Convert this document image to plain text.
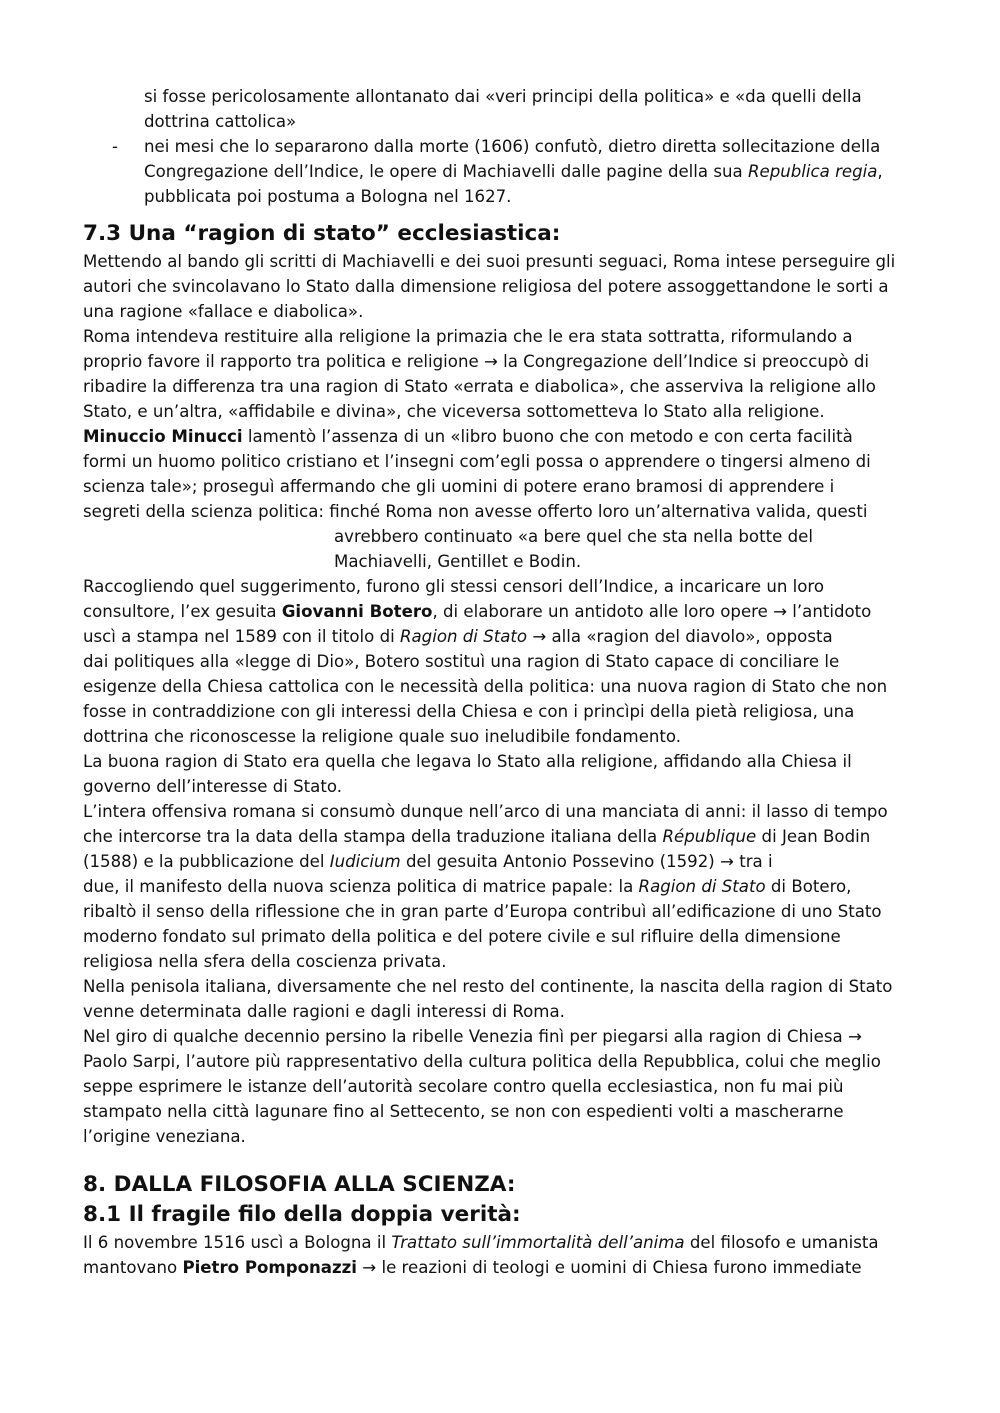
si fosse pericolosamente allontanato dai «veri principi della politica» e «da quelli della
dottrina cattolica»
- nei mesi che lo separarono dalla morte (1606) confutò, dietro diretta sollecitazione della
Congregazione dell’Indice, le opere di Machiavelli dalle pagine della sua Republica regia,
pubblicata poi postuma a Bologna nel 1627.
7.3 Una “ragion di stato” ecclesiastica:
Mettendo al bando gli scritti di Machiavelli e dei suoi presunti seguaci, Roma intese perseguire gli
autori che svincolavano lo Stato dalla dimensione religiosa del potere assoggettandone le sorti a
una ragione «fallace e diabolica».
Roma intendeva restituire alla religione la primazia che le era stata sottratta, riformulando a
proprio favore il rapporto tra politica e religione → la Congregazione dell’Indice si preoccupò di
ribadire la differenza tra una ragion di Stato «errata e diabolica», che asserviva la religione allo
Stato, e un’altra, «affidabile e divina», che viceversa sottometteva lo Stato alla religione.
Minuccio Minucci lamentò l’assenza di un «libro buono che con metodo e con certa facilità
formi un huomo politico cristiano et l’insegni com’egli possa o apprendere o tingersi almeno di
scienza tale»; proseguì affermando che gli uomini di potere erano bramosi di apprendere i
segreti della scienza politica: finché Roma non avesse offerto loro un’alternativa valida, questi
avrebbero continuato «a bere quel che sta nella botte del
Machiavelli, Gentillet e Bodin.
Raccogliendo quel suggerimento, furono gli stessi censori dell’Indice, a incaricare un loro
consultore, l’ex gesuita Giovanni Botero, di elaborare un antidoto alle loro opere → l’antidoto
uscì a stampa nel 1589 con il titolo di Ragion di Stato → alla «ragion del diavolo», opposta
dai politiques alla «legge di Dio», Botero sostituì una ragion di Stato capace di conciliare le
esigenze della Chiesa cattolica con le necessità della politica: una nuova ragion di Stato che non
fosse in contraddizione con gli interessi della Chiesa e con i princìpi della pietà religiosa, una
dottrina che riconoscesse la religione quale suo ineludibile fondamento.
La buona ragion di Stato era quella che legava lo Stato alla religione, affidando alla Chiesa il
governo dell’interesse di Stato.
L’intera offensiva romana si consumò dunque nell’arco di una manciata di anni: il lasso di tempo
che intercorse tra la data della stampa della traduzione italiana della République di Jean Bodin
(1588) e la pubblicazione del Iudicium del gesuita Antonio Possevino (1592) → tra i
due, il manifesto della nuova scienza politica di matrice papale: la Ragion di Stato di Botero,
ribaltò il senso della riflessione che in gran parte d’Europa contribuì all’edificazione di uno Stato
moderno fondato sul primato della politica e del potere civile e sul rifluire della dimensione
religiosa nella sfera della coscienza privata.
Nella penisola italiana, diversamente che nel resto del continente, la nascita della ragion di Stato
venne determinata dalle ragioni e dagli interessi di Roma.
Nel giro di qualche decennio persino la ribelle Venezia finì per piegarsi alla ragion di Chiesa →
Paolo Sarpi, l’autore più rappresentativo della cultura politica della Repubblica, colui che meglio
seppe esprimere le istanze dell’autorità secolare contro quella ecclesiastica, non fu mai più
stampato nella città lagunare fino al Settecento, se non con espedienti volti a mascherarne
l’origine veneziana.
8. DALLA FILOSOFIA ALLA SCIENZA:
8.1 Il fragile filo della doppia verità:
Il 6 novembre 1516 uscì a Bologna il Trattato sull’immortalità dell’anima del filosofo e umanista
mantovano Pietro Pomponazzi → le reazioni di teologi e uomini di Chiesa furono immediate
